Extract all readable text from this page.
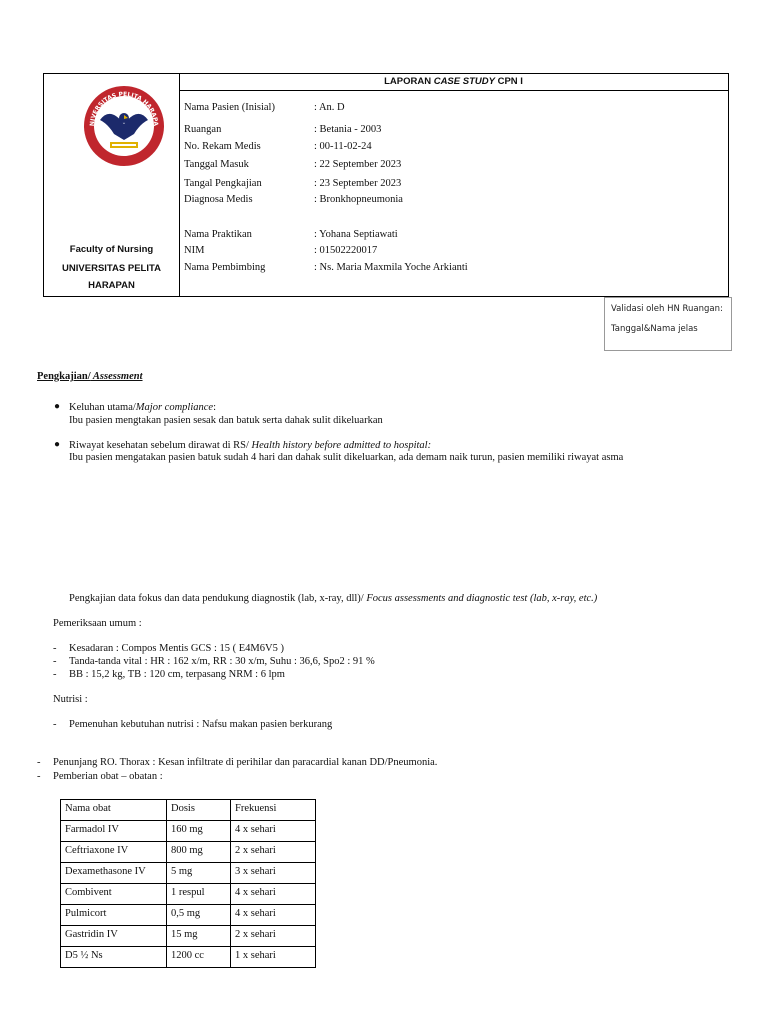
NIVERSITAS PELITA HARAPA
Faculty of Nursing
UNIVERSITAS PELITA
HARAPAN
LAPORAN CASE STUDY CPN I
Nama Pasien (Inisial)	: An. D
Ruangan	: Betania - 2003
No. Rekam Medis	: 00-11-02-24
Tanggal Masuk	: 22 September 2023
Tangal Pengkajian	: 23 September 2023
Diagnosa Medis	: Bronkhopneumonia
Nama Praktikan	: Yohana Septiawati
NIM	: 01502220017
Nama Pembimbing	: Ns. Maria Maxmila Yoche Arkianti
Validasi oleh HN Ruangan:
Tanggal&Nama jelas
Pengkajian/ Assessment
● Keluhan utama/Major compliance:
Ibu pasien mengtakan pasien sesak dan batuk serta dahak sulit dikeluarkan
● Riwayat kesehatan sebelum dirawat di RS/ Health history before admitted to hospital:
Ibu pasien mengatakan pasien batuk sudah 4 hari dan dahak sulit dikeluarkan, ada demam naik turun, pasien memiliki riwayat asma
Pengkajian data fokus dan data pendukung diagnostik (lab, x-ray, dll)/ Focus assessments and diagnostic test (lab, x-ray, etc.)
Pemeriksaan umum :
- Kesadaran : Compos Mentis GCS : 15 ( E4M6V5 )
- Tanda-tanda vital : HR : 162 x/m, RR : 30 x/m, Suhu : 36,6, Spo2 : 91 %
- BB : 15,2 kg, TB : 120 cm, terpasang NRM : 6 lpm
Nutrisi :
- Pemenuhan kebutuhan nutrisi : Nafsu makan pasien berkurang
- Penunjang RO. Thorax : Kesan infiltrate di perihilar dan paracardial kanan DD/Pneumonia.
- Pemberian obat – obatan :
Nama obat	Dosis	Frekuensi
Farmadol IV	160 mg	4 x sehari
Ceftriaxone IV	800 mg	2 x sehari
Dexamethasone IV	5 mg	3 x sehari
Combivent	1 respul	4 x sehari
Pulmicort	0,5 mg	4 x sehari
Gastridin IV	15 mg	2 x sehari
D5 ½ Ns	1200 cc	1 x sehari
